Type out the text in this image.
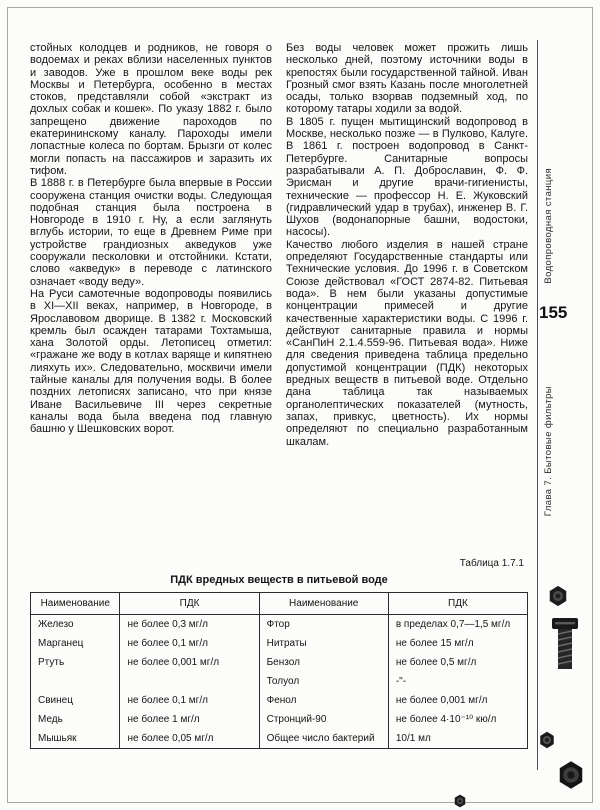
стойных колодцев и родников, не говоря о водоемах и реках вблизи населенных пунктов и заводов. Уже в прошлом веке воды рек Москвы и Петербурга, особенно в местах стоков, представляли собой «экстракт из дохлых собак и кошек». По указу 1882 г. было запрещено движение пароходов по екатерининскому каналу. Пароходы имели лопастные колеса по бортам. Брызги от колес могли попасть на пассажиров и заразить их тифом.

В 1888 г. в Петербурге была впервые в России сооружена станция очистки воды. Следующая подобная станция была построена в Новгороде в 1910 г. Ну, а если заглянуть вглубь истории, то еще в Древнем Риме при устройстве грандиозных акведуков уже сооружали песколовки и отстойники. Кстати, слово «акведук» в переводе с латинского означает «воду веду».

На Руси самотечные водопроводы появились в XI—XII веках, например, в Новгороде, в Ярославовом дворище. В 1382 г. Московский кремль был осажден татарами Тохтамыша, хана Золотой орды. Летописец отметил: «гражане же воду в котлах варяще и кипятнею лияхуть их». Следовательно, москвичи имели тайные каналы для получения воды. В более поздних летописях записано, что при князе Иване Васильевиче III через секретные каналы вода была введена под главную башню у Шешковских ворот.

Без воды человек может прожить лишь несколько дней, поэтому источники воды в крепостях были государственной тайной. Иван Грозный смог взять Казань после многолетней осады, только взорвав подземный ход, по которому татары ходили за водой.

В 1805 г. пущен мытищинский водопровод в Москве, несколько позже — в Пулково, Калуге. В 1861 г. построен водопровод в Санкт-Петербурге. Санитарные вопросы разрабатывали А. П. Доброславин, Ф. Ф. Эрисман и другие врачи-гигиенисты, технические — профессор Н. Е. Жуковский (гидравлический удар в трубах), инженер В. Г. Шухов (водонапорные башни, водостоки, насосы).

Качество любого изделия в нашей стране определяют Государственные стандарты или Технические условия. До 1996 г. в Советском Союзе действовал «ГОСТ 2874-82. Питьевая вода». В нем были указаны допустимые концентрации примесей и другие качественные характеристики воды. С 1996 г. действуют санитарные правила и нормы «СанПиН 2.1.4.559-96. Питьевая вода». Ниже для сведения приведена таблица предельно допустимой концентрации (ПДК) некоторых вредных веществ в питьевой воде. Отдельно дана таблица так называемых органолептических показателей (мутность, запах, привкус, цветность). Их нормы определяют по специально разработанным шкалам.

Таблица 1.7.1
ПДК вредных веществ в питьевой воде
Наименование	ПДК	Наименование	ПДК
Железо	не более 0,3 мг/л	Фтор	в пределах 0,7—1,5 мг/л
Марганец	не более 0,1 мг/л	Нитраты	не более 15 мг/л
Ртуть	не более 0,001 мг/л	Бензол	не более 0,5 мг/л
		Толуол	-"-
Свинец	не более 0,1 мг/л	Фенол	не более 0,001 мг/л
Медь	не более 1 мг/л	Стронций-90	не более 4·10⁻¹⁰ кю/л
Мышьяк	не более 0,05 мг/л	Общее число бактерий	10/1 мл
Водопроводная станция
155
Глава 7. Бытовые фильтры
